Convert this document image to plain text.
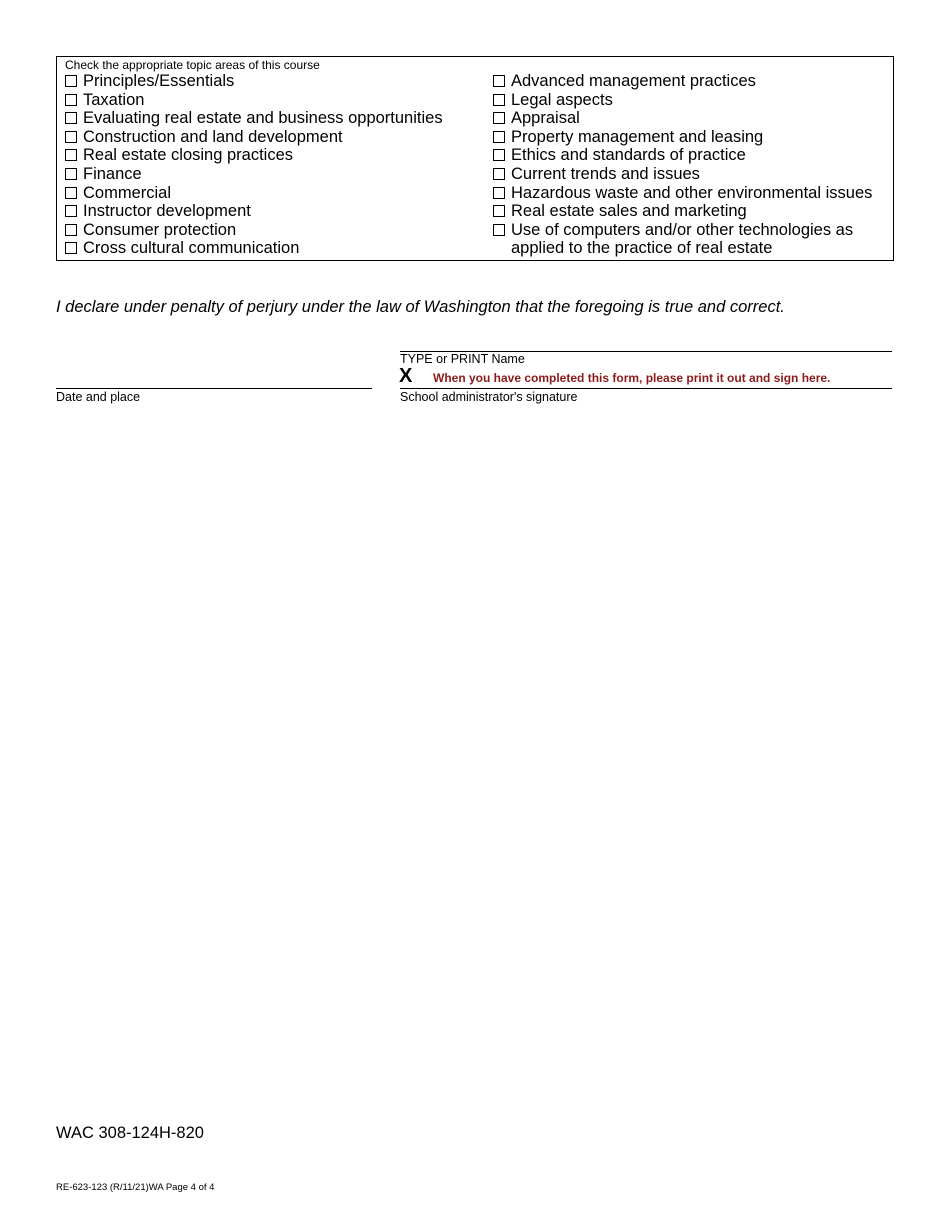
Check the appropriate topic areas of this course
Principles/Essentials
Taxation
Evaluating real estate and business opportunities
Construction and land development
Real estate closing practices
Finance
Commercial
Instructor development
Consumer protection
Cross cultural communication
Advanced management practices
Legal aspects
Appraisal
Property management and leasing
Ethics and standards of practice
Current trends and issues
Hazardous waste and other environmental issues
Real estate sales and marketing
Use of computers and/or other technologies as applied to the practice of real estate
I declare under penalty of perjury under the law of Washington that the foregoing is true and correct.
TYPE or PRINT Name
X When you have completed this form, please print it out and sign here.
Date and place	School administrator's signature
WAC 308-124H-820
RE-623-123 (R/11/21)WA Page 4 of 4
